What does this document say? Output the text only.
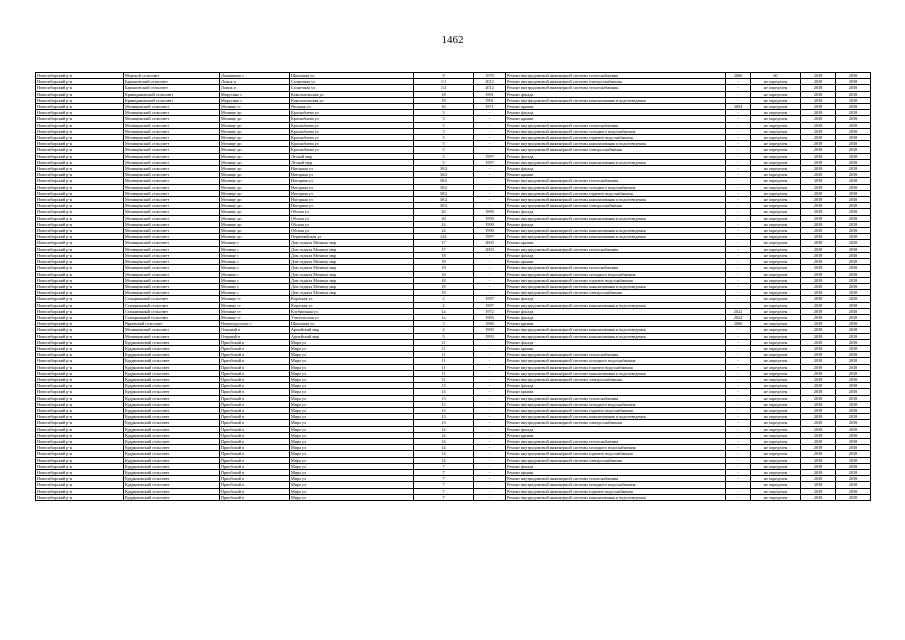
1462
Новосибирский р-н	Морской сельсовет	Ложниково с	Школьная ул	9	1970	Ремонт внутридомовой инженерной системы теплоснабжения	2006	60	2038	2038
Новосибирский р-н	Барышевский сельсовет	Ложок п	Солнечная ул	1/1	2012	Ремонт внутридомовой инженерной системы электроснабжения	-	не определен	2038	2038
Новосибирский р-н	Барышевский сельсовет	Ложок п	Солнечная ул	1/2	2012	Ремонт внутридомовой инженерной системы теплоснабжения	-	не определен	2038	2038
Новосибирский р-н	Криводановский сельсовет	Марусино с	Комсомольская ул	18	1991	Ремонт фасада	-	не определен	2038	2038
Новосибирский р-н	Криводановский сельсовет	Марусино с	Комсомольская ул	18	1991	Ремонт внутридомовой инженерной системы канализования и водоотведения	-	не определен	2038	2038
Новосибирский р-н	Мочищенский сельсовет	Мочище ст	Ягодная ул	16	1971	Ремонт крыши	2004	не определен	2038	2038
Новосибирский р-н	Мочищенский сельсовет	Мочище дп	Краснобаева ул	5	-	Ремонт фасада	-	не определен	2038	2038
Новосибирский р-н	Мочищенский сельсовет	Мочище дп	Краснобаева ул	5	-	Ремонт крыши	-	не определен	2038	2038
Новосибирский р-н	Мочищенский сельсовет	Мочище дп	Краснобаева ул	5	-	Ремонт внутридомовой инженерной системы теплоснабжения	-	не определен	2038	2038
Новосибирский р-н	Мочищенский сельсовет	Мочище дп	Краснобаева ул	5	-	Ремонт внутридомовой инженерной системы холодного водоснабжения	-	не определен	2038	2038
Новосибирский р-н	Мочищенский сельсовет	Мочище дп	Краснобаева ул	5	-	Ремонт внутридомовой инженерной системы горячего водоснабжения	-	не определен	2038	2038
Новосибирский р-н	Мочищенский сельсовет	Мочище дп	Краснобаева ул	5	-	Ремонт внутридомовой инженерной системы канализования и водоотведения	-	не определен	2038	2038
Новосибирский р-н	Мочищенский сельсовет	Мочище дп	Краснобаева ул	5	-	Ремонт внутридомовой инженерной системы электроснабжения	-	не определен	2038	2038
Новосибирский р-н	Мочищенский сельсовет	Мочище дп	Лесной мкр	5	1997	Ремонт фасада	-	не определен	2038	2038
Новосибирский р-н	Мочищенский сельсовет	Мочище дп	Лесной мкр	5	1997	Ремонт внутридомовой инженерной системы канализования и водоотведения	-	не определен	2038	2038
Новосибирский р-н	Мочищенский сельсовет	Мочище дп	Нагорная ул	30/2	-	Ремонт фасада	-	не определен	2038	2038
Новосибирский р-н	Мочищенский сельсовет	Мочище дп	Нагорная ул	30/2	-	Ремонт крыши	-	не определен	2038	2038
Новосибирский р-н	Мочищенский сельсовет	Мочище дп	Нагорная ул	30/2	-	Ремонт внутридомовой инженерной системы теплоснабжения	-	не определен	2038	2038
Новосибирский р-н	Мочищенский сельсовет	Мочище дп	Нагорная ул	30/2	-	Ремонт внутридомовой инженерной системы холодного водоснабжения	-	не определен	2038	2038
Новосибирский р-н	Мочищенский сельсовет	Мочище дп	Нагорная ул	30/2	-	Ремонт внутридомовой инженерной системы горячего водоснабжения	-	не определен	2038	2038
Новосибирский р-н	Мочищенский сельсовет	Мочище дп	Нагорная ул	30/2	-	Ремонт внутридомовой инженерной системы канализования и водоотведения	-	не определен	2038	2038
Новосибирский р-н	Мочищенский сельсовет	Мочище дп	Нагорная ул	30/2	-	Ремонт внутридомовой инженерной системы электроснабжения	-	не определен	2038	2038
Новосибирский р-н	Мочищенский сельсовет	Мочище дп	Обская ул	20	1990	Ремонт фасада	-	не определен	2038	2038
Новосибирский р-н	Мочищенский сельсовет	Мочище дп	Обская ул	20	1990	Ремонт внутридомовой инженерной системы канализования и водоотведения	-	не определен	2038	2038
Новосибирский р-н	Мочищенский сельсовет	Мочище дп	Обская ул	24	1990	Ремонт фасада	-	не определен	2038	2038
Новосибирский р-н	Мочищенский сельсовет	Мочище дп	Обская ул	24	1990	Ремонт внутридомовой инженерной системы канализования и водоотведения	-	не определен	2038	2038
Новосибирский р-н	Мочищенский сельсовет	Мочище дп	Первомайская ул	242	1997	Ремонт внутридомовой инженерной системы канализования и водоотведения	-	не определен	2038	2038
Новосибирский р-н	Мочищенский сельсовет	Мочище с	Дом отдыха Мочище мкр	17	2003	Ремонт крыши	-	не определен	2038	2038
Новосибирский р-н	Мочищенский сельсовет	Мочище с	Дом отдыха Мочище мкр	17	2003	Ремонт внутридомовой инженерной системы теплоснабжения	-	не определен	2038	2038
Новосибирский р-н	Мочищенский сельсовет	Мочище с	Дом отдыха Мочище мкр	18	-	Ремонт фасада	-	не определен	2038	2038
Новосибирский р-н	Мочищенский сельсовет	Мочище с	Дом отдыха Мочище мкр	18	-	Ремонт крыши	-	не определен	2038	2038
Новосибирский р-н	Мочищенский сельсовет	Мочище с	Дом отдыха Мочище мкр	18	-	Ремонт внутридомовой инженерной системы теплоснабжения	-	не определен	2038	2038
Новосибирский р-н	Мочищенский сельсовет	Мочище с	Дом отдыха Мочище мкр	18	-	Ремонт внутридомовой инженерной системы холодного водоснабжения	-	не определен	2038	2038
Новосибирский р-н	Мочищенский сельсовет	Мочище с	Дом отдыха Мочище мкр	18	-	Ремонт внутридомовой инженерной системы горячего водоснабжения	-	не определен	2038	2038
Новосибирский р-н	Мочищенский сельсовет	Мочище с	Дом отдыха Мочище мкр	18	-	Ремонт внутридомовой инженерной системы канализования и водоотведения	-	не определен	2038	2038
Новосибирский р-н	Мочищенский сельсовет	Мочище с	Дом отдыха Мочище мкр	18	-	Ремонт внутридомовой инженерной системы электроснабжения	-	не определен	2038	2038
Новосибирский р-н	Станционный сельсовет	Мочище ст	Короткая ул	2	1997	Ремонт фасада	-	не определен	2038	2038
Новосибирский р-н	Станционный сельсовет	Мочище ст	Короткая ул	2	1997	Ремонт внутридомовой инженерной системы канализования и водоотведения	-	не определен	2038	2038
Новосибирский р-н	Станционный сельсовет	Мочище ст	Клубничная ул	1а	1972	Ремонт фасада	2022	не определен	2038	2038
Новосибирский р-н	Станционный сельсовет	Мочище ст	Учительская ул	1а	1983	Ремонт фасада	2022	не определен	2038	2038
Новосибирский р-н	Ярковский сельсовет	Новоподсосное с	Школьная ул	3	1986	Ремонт крыши	2006	не определен	2038	2038
Новосибирский р-н	Мочищенский сельсовет	Озерный п	Армейский мкр	4	1993	Ремонт внутридомовой инженерной системы канализования и водоотведения	-	не определен	2038	2038
Новосибирский р-н	Мочищенский сельсовет	Озерный п	Армейский мкр	5	1993	Ремонт внутридомовой инженерной системы канализования и водоотведения	-	не определен	2038	2038
Новосибирский р-н	Кудряшовский сельсовет	Приобский п	Мира ул	11	-	Ремонт фасада	-	не определен	2038	2038
Новосибирский р-н	Кудряшовский сельсовет	Приобский п	Мира ул	11	-	Ремонт крыши	-	не определен	2038	2038
Новосибирский р-н	Кудряшовский сельсовет	Приобский п	Мира ул	11	-	Ремонт внутридомовой инженерной системы теплоснабжения	-	не определен	2038	2038
Новосибирский р-н	Кудряшовский сельсовет	Приобский п	Мира ул	11	-	Ремонт внутридомовой инженерной системы холодного водоснабжения	-	не определен	2038	2038
Новосибирский р-н	Кудряшовский сельсовет	Приобский п	Мира ул	11	-	Ремонт внутридомовой инженерной системы горячего водоснабжения	-	не определен	2038	2038
Новосибирский р-н	Кудряшовский сельсовет	Приобский п	Мира ул	11	-	Ремонт внутридомовой инженерной системы канализования и водоотведения	-	не определен	2038	2038
Новосибирский р-н	Кудряшовский сельсовет	Приобский п	Мира ул	11	-	Ремонт внутридомовой инженерной системы электроснабжения	-	не определен	2038	2038
Новосибирский р-н	Кудряшовский сельсовет	Приобский п	Мира ул	13	-	Ремонт фасада	-	не определен	2038	2038
Новосибирский р-н	Кудряшовский сельсовет	Приобский п	Мира ул	13	-	Ремонт крыши	-	не определен	2038	2038
Новосибирский р-н	Кудряшовский сельсовет	Приобский п	Мира ул	13	-	Ремонт внутридомовой инженерной системы теплоснабжения	-	не определен	2038	2038
Новосибирский р-н	Кудряшовский сельсовет	Приобский п	Мира ул	13	-	Ремонт внутридомовой инженерной системы холодного водоснабжения	-	не определен	2038	2038
Новосибирский р-н	Кудряшовский сельсовет	Приобский п	Мира ул	13	-	Ремонт внутридомовой инженерной системы горячего водоснабжения	-	не определен	2038	2038
Новосибирский р-н	Кудряшовский сельсовет	Приобский п	Мира ул	13	-	Ремонт внутридомовой инженерной системы канализования и водоотведения	-	не определен	2038	2038
Новосибирский р-н	Кудряшовский сельсовет	Приобский п	Мира ул	13	-	Ремонт внутридомовой инженерной системы электроснабжения	-	не определен	2038	2038
Новосибирский р-н	Кудряшовский сельсовет	Приобский п	Мира ул	14	-	Ремонт фасада	-	не определен	2038	2038
Новосибирский р-н	Кудряшовский сельсовет	Приобский п	Мира ул	14	-	Ремонт крыши	-	не определен	2038	2038
Новосибирский р-н	Кудряшовский сельсовет	Приобский п	Мира ул	14	-	Ремонт внутридомовой инженерной системы теплоснабжения	-	не определен	2038	2038
Новосибирский р-н	Кудряшовский сельсовет	Приобский п	Мира ул	14	-	Ремонт внутридомовой инженерной системы холодного водоснабжения	-	не определен	2038	2038
Новосибирский р-н	Кудряшовский сельсовет	Приобский п	Мира ул	14	-	Ремонт внутридомовой инженерной системы горячего водоснабжения	-	не определен	2038	2038
Новосибирский р-н	Кудряшовский сельсовет	Приобский п	Мира ул	14	-	Ремонт внутридомовой инженерной системы электроснабжения	-	не определен	2038	2038
Новосибирский р-н	Кудряшовский сельсовет	Приобский п	Мира ул	7	-	Ремонт фасада	-	не определен	2038	2038
Новосибирский р-н	Кудряшовский сельсовет	Приобский п	Мира ул	7	-	Ремонт крыши	-	не определен	2038	2038
Новосибирский р-н	Кудряшовский сельсовет	Приобский п	Мира ул	7	-	Ремонт внутридомовой инженерной системы теплоснабжения	-	не определен	2038	2038
Новосибирский р-н	Кудряшовский сельсовет	Приобский п	Мира ул	7	-	Ремонт внутридомовой инженерной системы холодного водоснабжения	-	не определен	2038	2038
Новосибирский р-н	Кудряшовский сельсовет	Приобский п	Мира ул	7	-	Ремонт внутридомовой инженерной системы горячего водоснабжения	-	не определен	2038	2038
Новосибирский р-н	Кудряшовский сельсовет	Приобский п	Мира ул	7	-	Ремонт внутридомовой инженерной системы канализования и водоотведения	-	не определен	2038	2038
